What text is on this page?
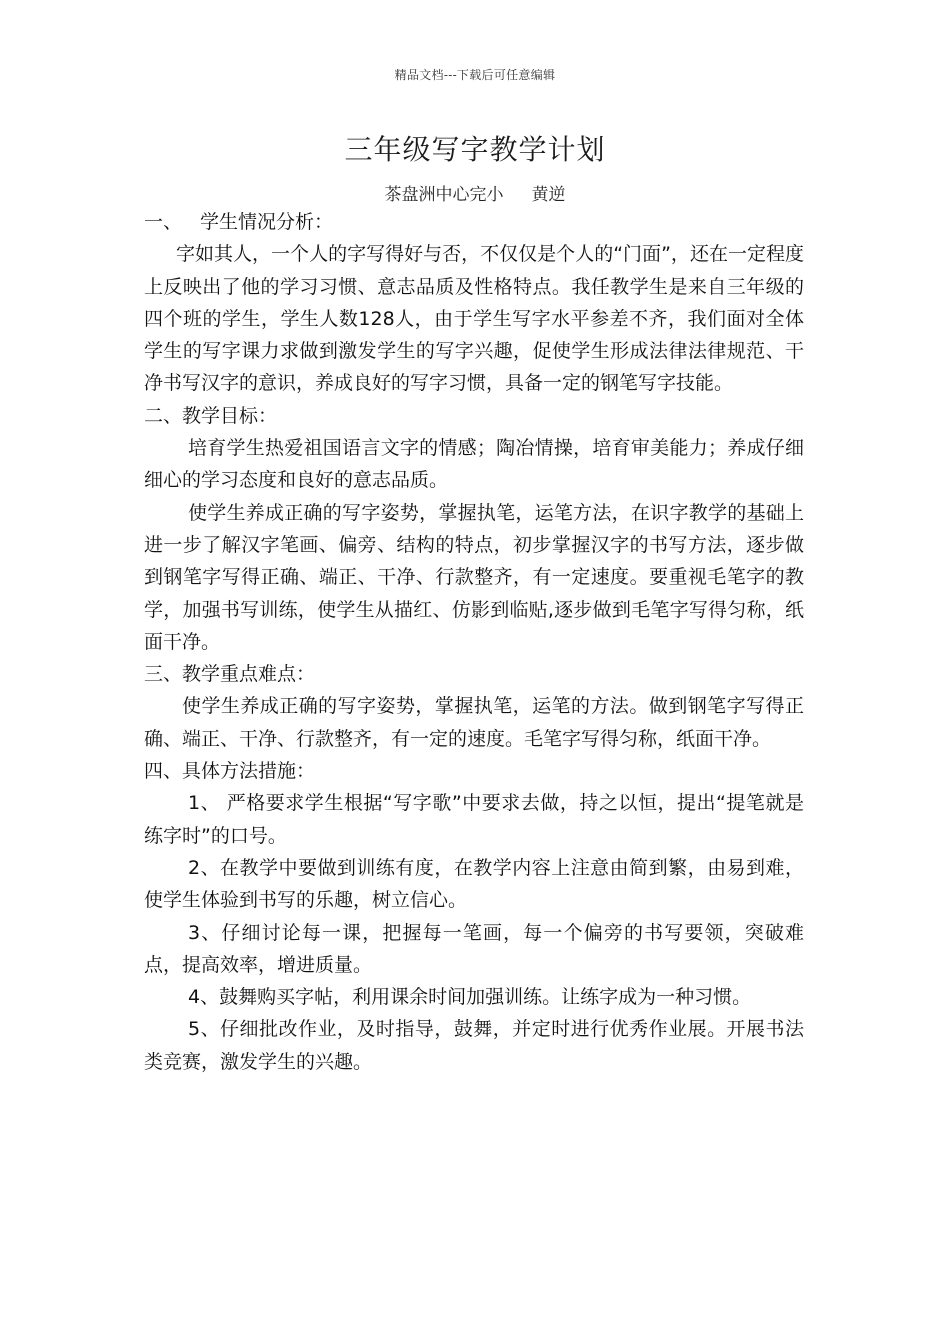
精品文档---下载后可任意编辑
三年级写字教学计划
茶盘洲中心完小 黄逆

一、 学生情况分析：

字如其人，一个人的字写得好与否，不仅仅是个人的“门面”，还在一定程度上反映出了他的学习习惯、意志品质及性格特点。我任教学生是来自三年级的四个班的学生，学生人数128人，由于学生写字水平参差不齐，我们面对全体学生的写字课力求做到激发学生的写字兴趣，促使学生形成法律法律规范、干净书写汉字的意识，养成良好的写字习惯，具备一定的钢笔写字技能。

二、教学目标：

培育学生热爱祖国语言文字的情感；陶冶情操，培育审美能力；养成仔细细心的学习态度和良好的意志品质。

使学生养成正确的写字姿势，掌握执笔，运笔方法，在识字教学的基础上进一步了解汉字笔画、偏旁、结构的特点，初步掌握汉字的书写方法，逐步做到钢笔字写得正确、端正、干净、行款整齐，有一定速度。要重视毛笔字的教学，加强书写训练，使学生从描红、仿影到临贴,逐步做到毛笔字写得匀称，纸面干净。

三、教学重点难点：

使学生养成正确的写字姿势，掌握执笔，运笔的方法。做到钢笔字写得正确、端正、干净、行款整齐，有一定的速度。毛笔字写得匀称，纸面干净。

四、具体方法措施：

1、 严格要求学生根据“写字歌”中要求去做，持之以恒，提出“提笔就是练字时”的口号。

2、在教学中要做到训练有度，在教学内容上注意由简到繁，由易到难，使学生体验到书写的乐趣，树立信心。

3、仔细讨论每一课，把握每一笔画，每一个偏旁的书写要领，突破难点，提高效率，增进质量。

4、鼓舞购买字帖，利用课余时间加强训练。让练字成为一种习惯。

5、仔细批改作业，及时指导，鼓舞，并定时进行优秀作业展。开展书法类竞赛，激发学生的兴趣。
